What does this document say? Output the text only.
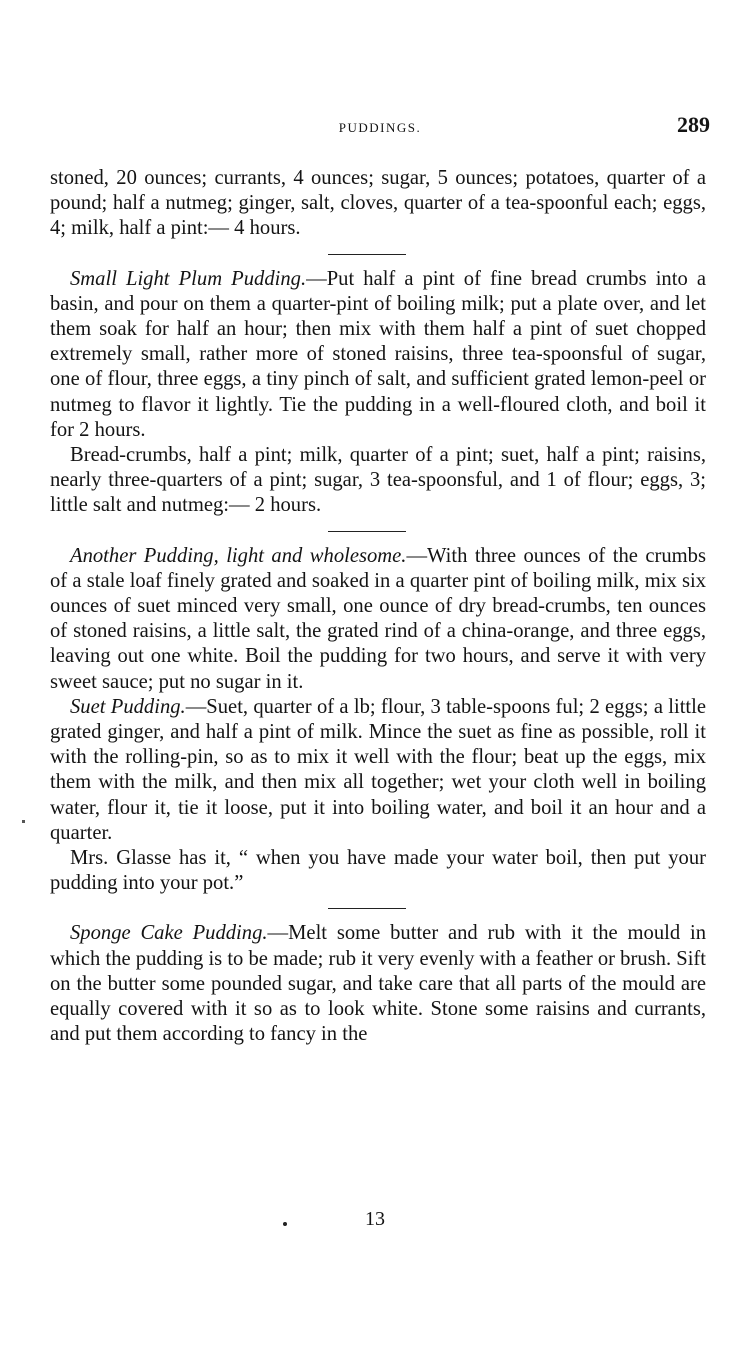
PUDDINGS.	289

stoned, 20 ounces; currants, 4 ounces; sugar, 5 ounces; potatoes, quarter of a pound; half a nutmeg; ginger, salt, cloves, quarter of a tea-spoonful each; eggs, 4; milk, half a pint:— 4 hours.

Small Light Plum Pudding.—Put half a pint of fine bread crumbs into a basin, and pour on them a quarter-pint of boiling milk; put a plate over, and let them soak for half an hour; then mix with them half a pint of suet chopped extremely small, rather more of stoned raisins, three tea-spoonsful of sugar, one of flour, three eggs, a tiny pinch of salt, and sufficient grated lemon-peel or nutmeg to flavor it lightly. Tie the pudding in a well-floured cloth, and boil it for 2 hours.

Bread-crumbs, half a pint; milk, quarter of a pint; suet, half a pint; raisins, nearly three-quarters of a pint; sugar, 3 tea-spoonsful, and 1 of flour; eggs, 3; little salt and nutmeg:— 2 hours.

Another Pudding, light and wholesome.—With three ounces of the crumbs of a stale loaf finely grated and soaked in a quarter pint of boiling milk, mix six ounces of suet minced very small, one ounce of dry bread-crumbs, ten ounces of stoned raisins, a little salt, the grated rind of a china-orange, and three eggs, leaving out one white. Boil the pudding for two hours, and serve it with very sweet sauce; put no sugar in it.

Suet Pudding.—Suet, quarter of a lb; flour, 3 table-spoons ful; 2 eggs; a little grated ginger, and half a pint of milk. Mince the suet as fine as possible, roll it with the rolling-pin, so as to mix it well with the flour; beat up the eggs, mix them with the milk, and then mix all together; wet your cloth well in boiling water, flour it, tie it loose, put it into boiling water, and boil it an hour and a quarter.

Mrs. Glasse has it, “ when you have made your water boil, then put your pudding into your pot.”

Sponge Cake Pudding.—Melt some butter and rub with it the mould in which the pudding is to be made; rub it very evenly with a feather or brush. Sift on the butter some pounded sugar, and take care that all parts of the mould are equally covered with it so as to look white. Stone some raisins and currants, and put them according to fancy in the

13
